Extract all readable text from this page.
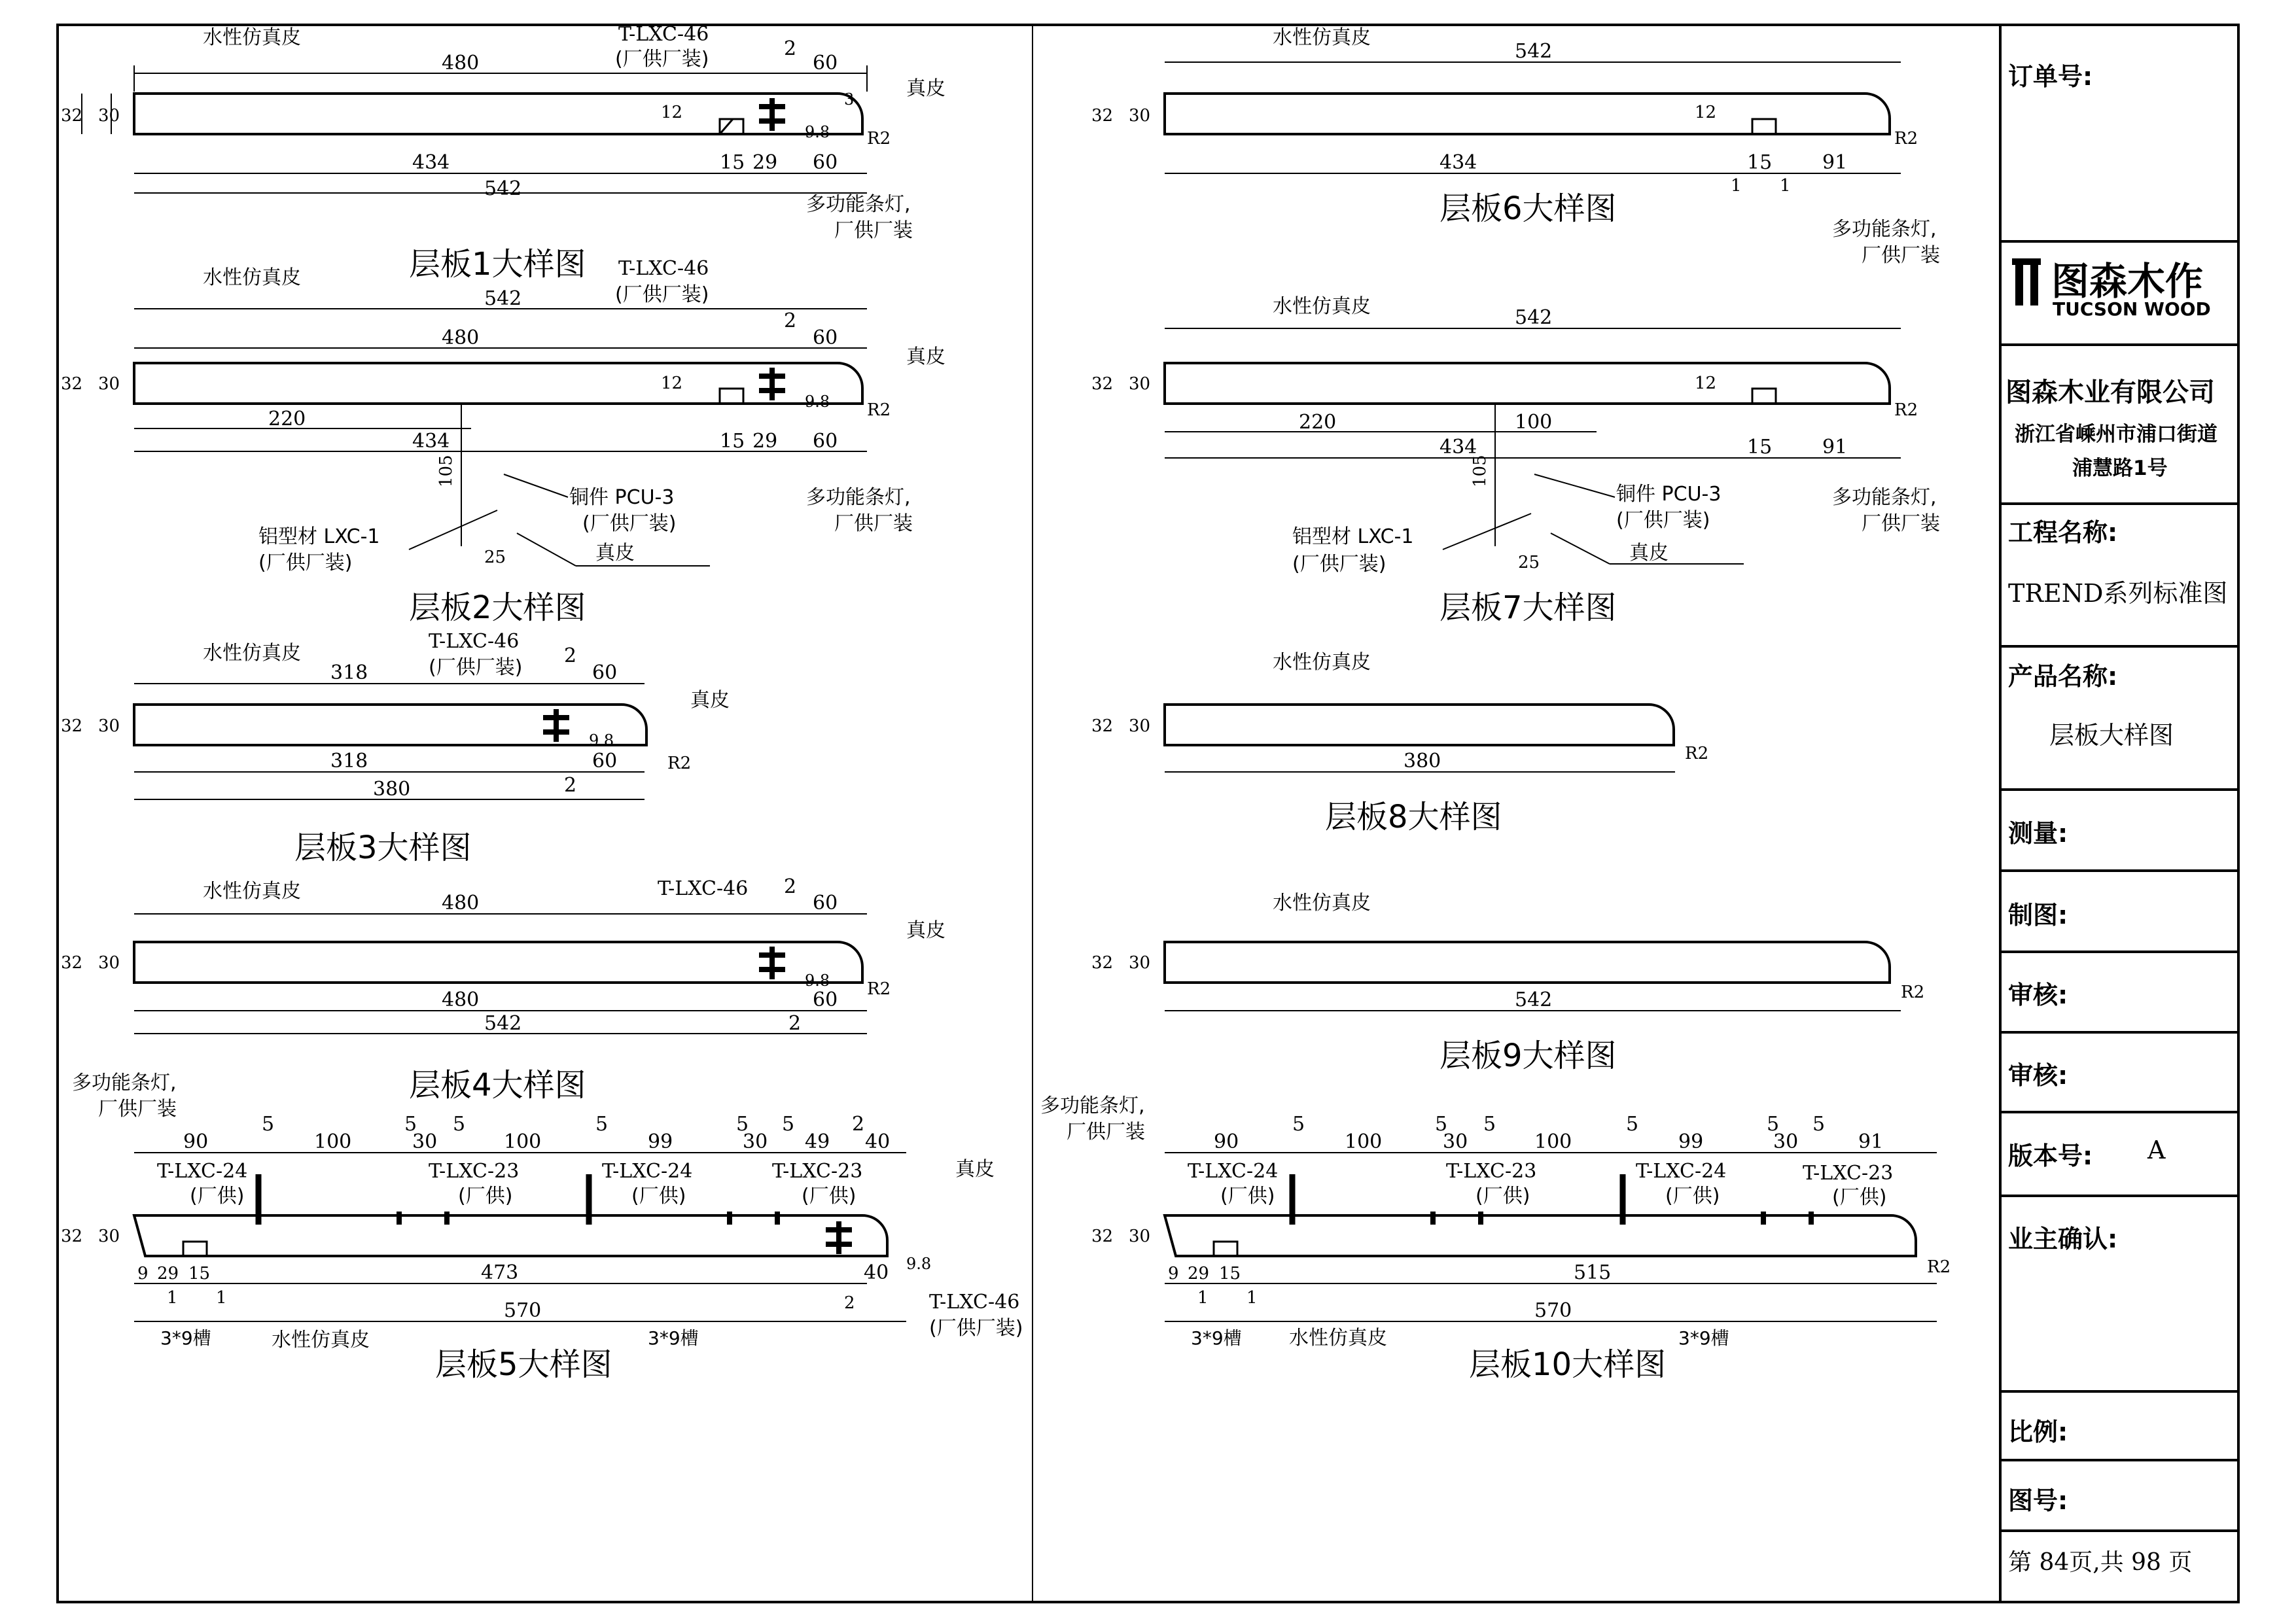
水性仿真皮	T-LXC-46
(厂供厂装)
480
2
60
真皮
32 30	12
9.8
3
R2
434	15 29 60
542
多功能条灯,
厂供厂装
层板1大样图
水性仿真皮	T-LXC-46
(厂供厂装)
542
480
2
60
真皮
32 30	12
9.8 R2
220
434	15 29 60
105
25
铜件 PCU-3
(厂供厂装)
铝型材 LXC-1
(厂供厂装)	真皮
多功能条灯,
厂供厂装
层板2大样图
水性仿真皮
T-LXC-46
(厂供厂装)
318
2
60
真皮
32 30
9.8
R2
318	60
2
380
层板3大样图
水性仿真皮	T-LXC-46
480
2
60
真皮
32 30
9.8 R2
480	60
542	2
层板4大样图
多功能条灯,
厂供厂装
90
5
100
5
30
5
100
5
99
5
30
5
49
2
40
T-LXC-24
(厂供)
T-LXC-23
(厂供)
T-LXC-24
(厂供)
T-LXC-23
(厂供)
真皮
32 30
9.8
9 29 15	473	40
1 1	2
570	T-LXC-46
(厂供厂装)
3*9槽	水性仿真皮	3*9槽
层板5大样图
水性仿真皮
542
32 30	12
R2
434	15	91
1 1
层板6大样图
多功能条灯,
厂供厂装
水性仿真皮	542
32 30	12
R2
220	100
434	15	91
105
25
铜件 PCU-3
(厂供厂装)
铝型材 LXC-1
(厂供厂装)	真皮
多功能条灯,
厂供厂装
层板7大样图
水性仿真皮
32 30
R2
380
层板8大样图
水性仿真皮
32 30
R2
542
层板9大样图
多功能条灯,
厂供厂装	90
5
100
5
30
5
100
5
99
5
30
5
91
T-LXC-24
(厂供)
T-LXC-23
(厂供)
T-LXC-24
(厂供)
T-LXC-23
(厂供)
32 30
R2
9 29 15	515
1 1
570
3*9槽 水性仿真皮	3*9槽
层板10大样图
订单号:
图森木作
TUCSON WOOD
图森木业有限公司
浙江省嵊州市浦口街道
浦慧路1号
工程名称:
TREND系列标准图
产品名称:
层板大样图
测量:
制图:
审核:
审核:
版本号: A
业主确认:
比例:
图号:
第 84页,共 98 页
